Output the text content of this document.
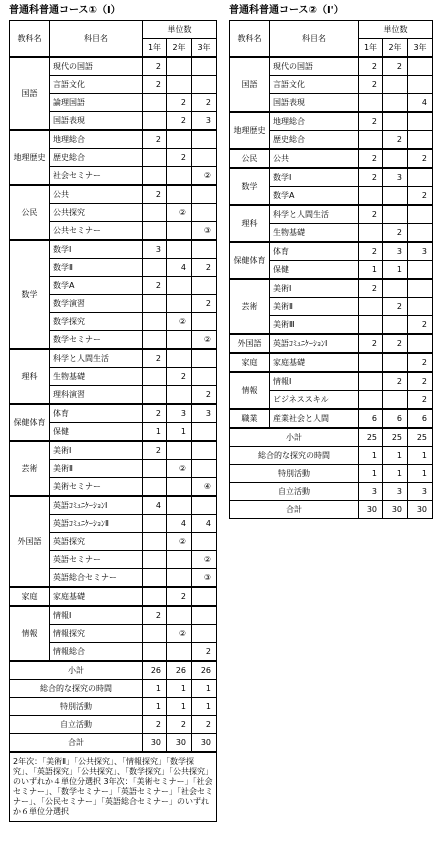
普通科普通コース①（Ⅰ）	普通科普通コース②（Ⅰ'）
教科名	科目名	単位数		
		1年	2年	3年
国語	現代の国語	2		
	言語文化	2		
	論理国語		2	2
	国語表現		2	3
地理歴史	地理総合	2		
	歴史総合		2	
	社会セミナー			②
公民	公共	2		
	公共探究		②	
	公共セミナー			③
数学	数学Ⅰ	3		
	数学Ⅱ		4	2
	数学A	2		
	数学演習			2
	数学探究		②	
	数学セミナー			②
理科	科学と人間生活	2		
	生物基礎		2	
	理科演習			2
保健体育	体育	2	3	3
	保健	1	1	
芸術	美術Ⅰ	2		
	美術Ⅱ		②	
	美術セミナー			④
外国語	英語ｺﾐｭﾆｹｰｼｮﾝⅠ	4		
	英語ｺﾐｭﾆｹｰｼｮﾝⅡ		4	4
	英語探究		②	
	英語セミナー			②
	英語総合セミナー			③
家庭	家庭基礎		2	
情報	情報Ⅰ	2		
	情報探究		②	
	情報総合			2
小計		26	26	26
総合的な探究の時間		1	1	1
特別活動		1	1	1
自立活動		2	2	2
合計		30	30	30
2年次：「美術Ⅱ」「公共探究」、「情報探究」「数学探究」、「英語探究」「公共探究」、「数学探究」「公共探究」のいずれか４単位分選択 3年次：「美術セミナー」「社会セミナー」、「数学セミナー」「英語セミナー」「社会セミナー」、「公民セミナー」「英語総合セミナー」のいずれか６単位分選択				
教科名	科目名	単位数		
		1年	2年	3年
国語	現代の国語	2	2	
	言語文化	2		
	国語表現			4
地理歴史	地理総合	2		
	歴史総合		2	
公民	公共	2		2
数学	数学Ⅰ	2	3	
	数学A			2
理科	科学と人間生活	2		
	生物基礎		2	
保健体育	体育	2	3	3
	保健	1	1	
芸術	美術Ⅰ	2		
	美術Ⅱ		2	
	美術Ⅲ			2
外国語	英語ｺﾐｭﾆｹｰｼｮﾝⅠ	2	2	
家庭	家庭基礎			2
情報	情報Ⅰ		2	2
	ビジネススキル			2
職業	産業社会と人間	6	6	6
小計		25	25	25
総合的な探究の時間		1	1	1
特別活動		1	1	1
自立活動		3	3	3
合計		30	30	30
